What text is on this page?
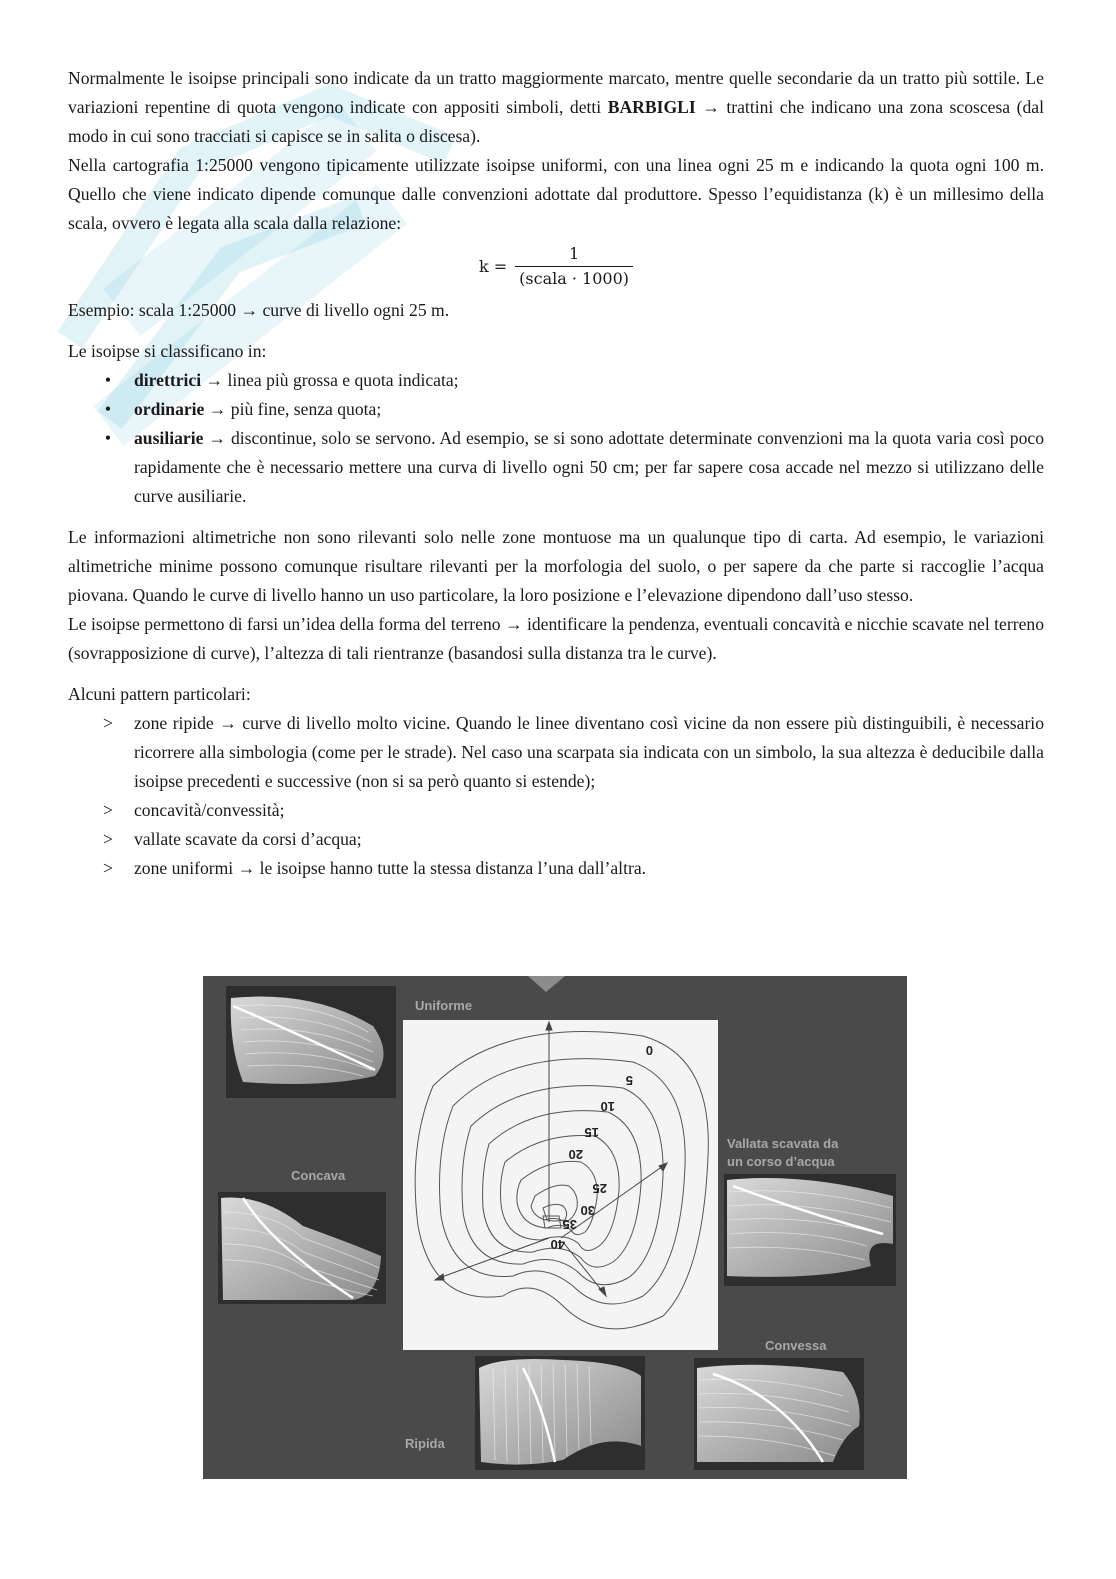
Normalmente le isoipse principali sono indicate da un tratto maggiormente marcato, mentre quelle secondarie da un tratto più sottile. Le variazioni repentine di quota vengono indicate con appositi simboli, detti BARBIGLI → trattini che indicano una zona scoscesa (dal modo in cui sono tracciati si capisce se in salita o discesa).

Nella cartografia 1:25000 vengono tipicamente utilizzate isoipse uniformi, con una linea ogni 25 m e indicando la quota ogni 100 m. Quello che viene indicato dipende comunque dalle convenzioni adottate dal produttore. Spesso l’equidistanza (k) è un millesimo della scala, ovvero è legata alla scala dalla relazione:

$k = \frac{1}{\text{(scala · 1000)}}$

Esempio: scala 1:25000 → curve di livello ogni 25 m.

Le isoipse si classificano in:

•	direttrici → linea più grossa e quota indicata;
•	ordinarie → più fine, senza quota;
•	ausiliarie → discontinue, solo se servono. Ad esempio, se si sono adottate determinate convenzioni ma la quota varia così poco rapidamente che è necessario mettere una curva di livello ogni 50 cm; per far sapere cosa accade nel mezzo si utilizzano delle curve ausiliarie.

Le informazioni altimetriche non sono rilevanti solo nelle zone montuose ma un qualunque tipo di carta. Ad esempio, le variazioni altimetriche minime possono comunque risultare rilevanti per la morfologia del suolo, o per sapere da che parte si raccoglie l’acqua piovana. Quando le curve di livello hanno un uso particolare, la loro posizione e l’elevazione dipendono dall’uso stesso.

Le isoipse permettono di farsi un’idea della forma del terreno → identificare la pendenza, eventuali concavità e nicchie scavate nel terreno (sovrapposizione di curve), l’altezza di tali rientranze (basandosi sulla distanza tra le curve).

Alcuni pattern particolari:

> zone ripide → curve di livello molto vicine. Quando le linee diventano così vicine da non essere più distinguibili, è necessario ricorrere alla simbologia (come per le strade). Nel caso una scarpata sia indicata con un simbolo, la sua altezza è deducibile dalla isoipse precedenti e successive (non si sa però quanto si estende);
> concavità/convessità;
> vallate scavate da corsi d’acqua;
> zone uniformi → le isoipse hanno tutte la stessa distanza l’una dall’altra.
Uniforme
Concava
0
5
10
15
20
25
30
35
40
Vallata scavata da
un corso d’acqua
Ripida
Convessa
